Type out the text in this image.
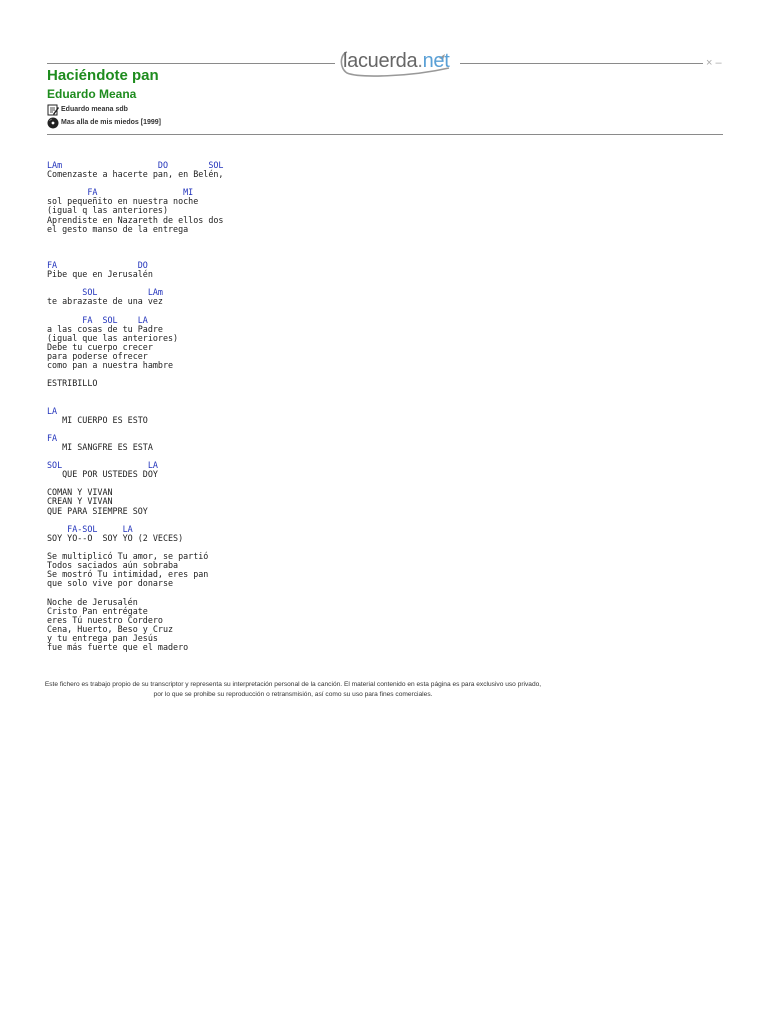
lacuerda.net	× –
Haciéndote pan
Eduardo Meana
Eduardo meana sdb
Mas alla de mis miedos [1999]
LAm                   DO        SOL
Comenzaste a hacerte pan, en Belén,

FA                 MI
sol pequeñito en nuestra noche
(igual q las anteriores)
Aprendiste en Nazareth de ellos dos
el gesto manso de la entrega

FA                DO
Pibe que en Jerusalén

SOL          LAm
te abrazaste de una vez

FA  SOL    LA
a las cosas de tu Padre
(igual que las anteriores)
Debe tu cuerpo crecer
para poderse ofrecer
como pan a nuestra hambre

ESTRIBILLO

LA
MI CUERPO ES ESTO

FA
MI SANGFRE ES ESTA

SOL                 LA
QUE POR USTEDES DOY

COMAN Y VIVAN
CREAN Y VIVAN
QUE PARA SIEMPRE SOY

FA-SOL     LA
SOY YO--O  SOY YO (2 VECES)

Se multiplicó Tu amor, se partió
Todos saciados aún sobraba
Se mostró Tu intimidad, eres pan
que solo vive por donarse

Noche de Jerusalén
Cristo Pan entrégate
eres Tú nuestro Cordero
Cena, Huerto, Beso y Cruz
y tu entrega pan Jesús
fue más fuerte que el madero

Este fichero es trabajo propio de su transcriptor y representa su interpretación personal de la canción. El material contenido en esta página es para exclusivo uso privado, por lo que se prohibe su reproducción o retransmisión, así como su uso para fines comerciales.
